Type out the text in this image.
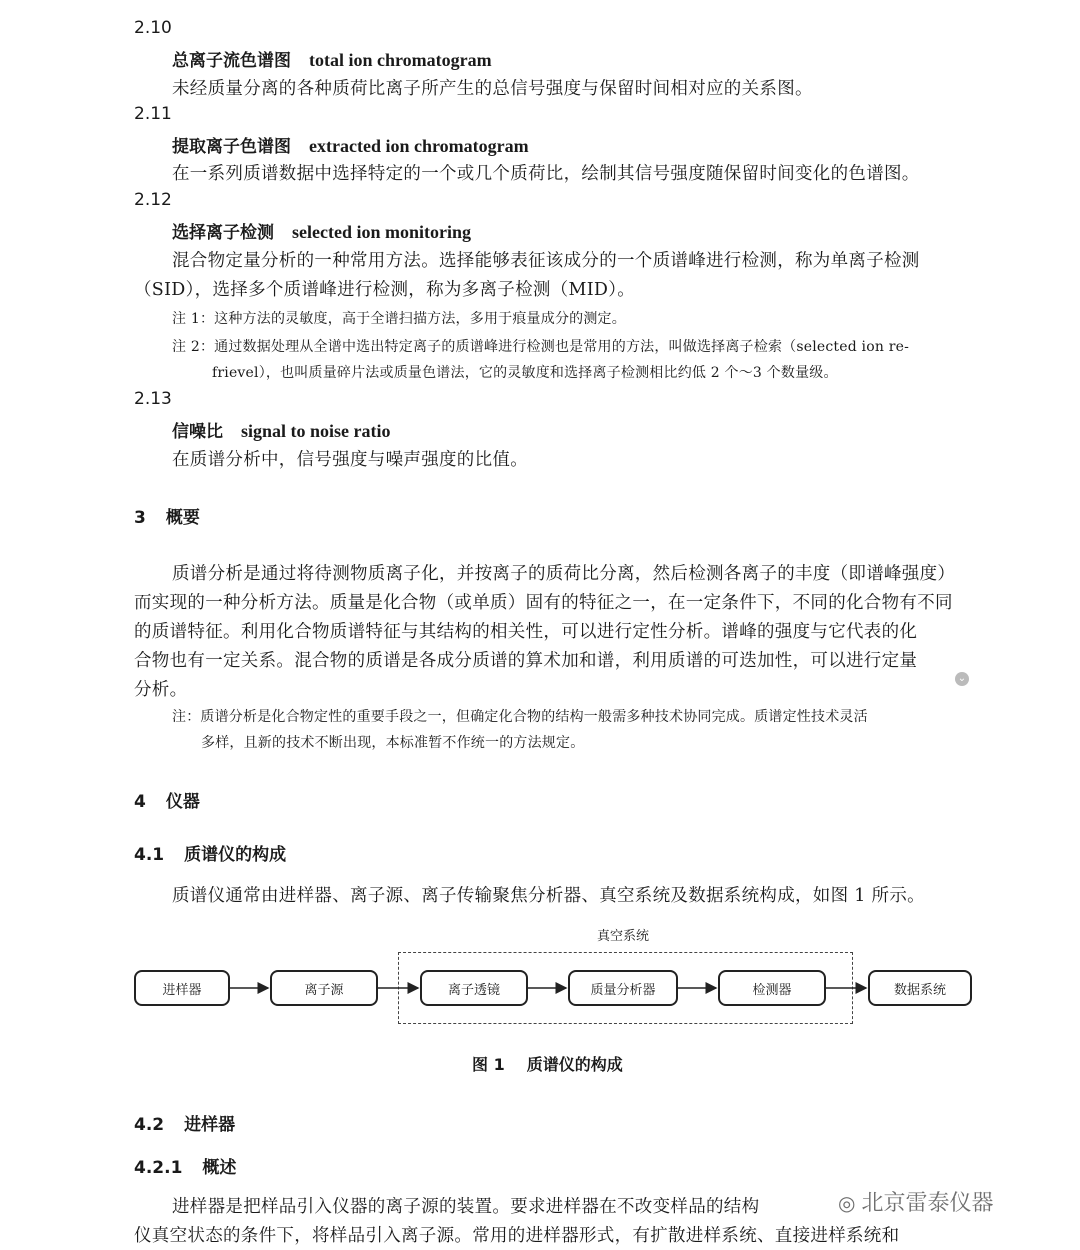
2.10
总离子流色谱图 total ion chromatogram
未经质量分离的各种质荷比离子所产生的总信号强度与保留时间相对应的关系图。
2.11
提取离子色谱图 extracted ion chromatogram
在一系列质谱数据中选择特定的一个或几个质荷比，绘制其信号强度随保留时间变化的色谱图。
2.12
选择离子检测 selected ion monitoring
混合物定量分析的一种常用方法。选择能够表征该成分的一个质谱峰进行检测，称为单离子检测
（SID），选择多个质谱峰进行检测，称为多离子检测（MID）。
注 1：这种方法的灵敏度，高于全谱扫描方法，多用于痕量成分的测定。
注 2：通过数据处理从全谱中选出特定离子的质谱峰进行检测也是常用的方法，叫做选择离子检索（selected ion re-
frievel），也叫质量碎片法或质量色谱法，它的灵敏度和选择离子检测相比约低 2 个～3 个数量级。
2.13
信噪比 signal to noise ratio
在质谱分析中，信号强度与噪声强度的比值。
3 概要
质谱分析是通过将待测物质离子化，并按离子的质荷比分离，然后检测各离子的丰度（即谱峰强度）
而实现的一种分析方法。质量是化合物（或单质）固有的特征之一，在一定条件下，不同的化合物有不同
的质谱特征。利用化合物质谱特征与其结构的相关性，可以进行定性分析。谱峰的强度与它代表的化
合物也有一定关系。混合物的质谱是各成分质谱的算术加和谱，利用质谱的可迭加性，可以进行定量
分析。
⌄
注：质谱分析是化合物定性的重要手段之一，但确定化合物的结构一般需多种技术协同完成。质谱定性技术灵活
多样，且新的技术不断出现，本标准暂不作统一的方法规定。
4 仪器
4.1 质谱仪的构成
质谱仪通常由进样器、离子源、离子传输聚焦分析器、真空系统及数据系统构成，如图 1 所示。
真空系统
进样器	离子源	离子透镜	质量分析器	检测器	数据系统
图 1 质谱仪的构成
4.2 进样器
4.2.1 概述
进样器是把样品引入仪器的离子源的装置。要求进样器在不改变样品的结构
仪真空状态的条件下，将样品引入离子源。常用的进样器形式，有扩散进样系统、直接进样系统和
◎ 北京雷泰仪器
